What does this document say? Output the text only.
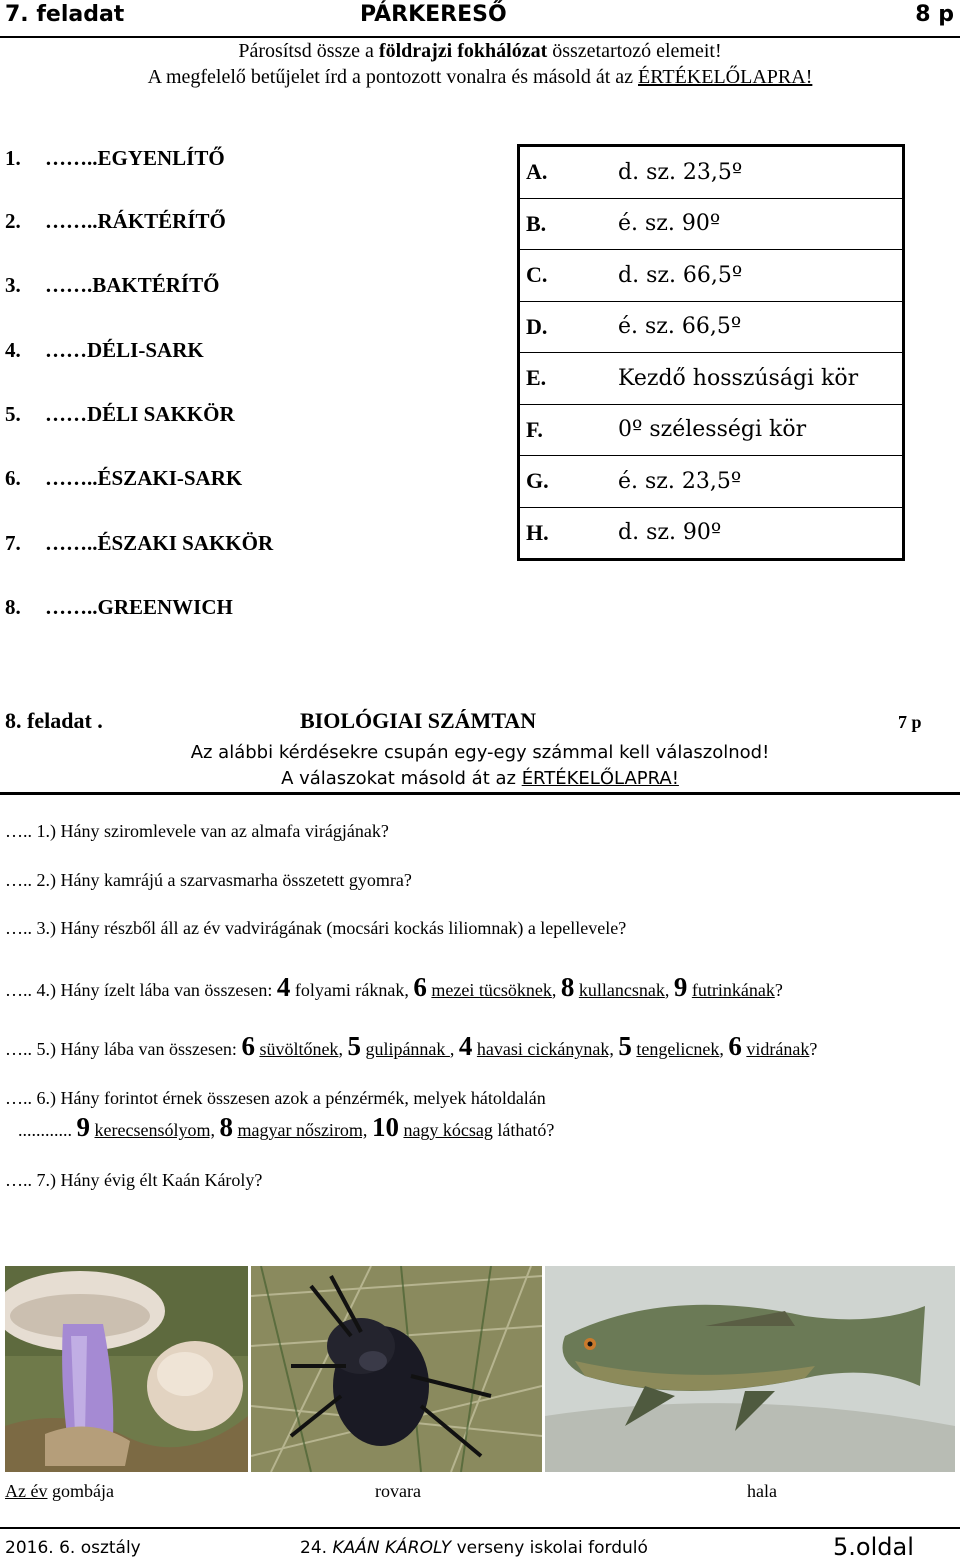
7. feladat	PÁRKERESŐ	8 p
Párosítsd össze a földrajzi fokhálózat összetartozó elemeit!
A megfelelő betűjelet írd a pontozott vonalra és másold át az ÉRTÉKELŐLAPRA!
1. ……..EGYENLÍTŐ
2. ……..RÁKTÉRÍTŐ
3. …….BAKTÉRÍTŐ
4. ……DÉLI-SARK
5. ……DÉLI SAKKÖR
6. ……..ÉSZAKI-SARK
7. ……..ÉSZAKI SAKKÖR
8. ……..GREENWICH
A.	d. sz. 23,5º
B.	é. sz. 90º
C.	d. sz. 66,5º
D.	é. sz. 66,5º
E.	Kezdő hosszúsági kör
F.	0º szélességi kör
G.	é. sz. 23,5º
H.	d. sz. 90º
8. feladat .	BIOLÓGIAI SZÁMTAN	7 p
Az alábbi kérdésekre csupán egy-egy számmal kell válaszolnod!
A válaszokat másold át az ÉRTÉKELŐLAPRA!
….. 1.) Hány sziromlevele van az almafa virágjának?
….. 2.) Hány kamrájú a szarvasmarha összetett gyomra?
….. 3.) Hány részből áll az év vadvirágának (mocsári kockás liliomnak) a lepellevele?
….. 4.) Hány ízelt lába van összesen: 4 folyami ráknak, 6 mezei tücsöknek, 8 kullancsnak, 9 futrinkának?
….. 5.) Hány lába van összesen: 6 süvöltőnek, 5 gulipánnak , 4 havasi cickánynak, 5 tengelicnek, 6 vidrának?
….. 6.) Hány forintot érnek összesen azok a pénzérmék, melyek hátoldalán
............ 9 kerecsensólyom, 8 magyar nőszirom, 10 nagy kócsag látható?
….. 7.) Hány évig élt Kaán Károly?
Az év gombája	rovara	hala
2016. 6. osztály	24. KAÁN KÁROLY verseny iskolai forduló	5.oldal
